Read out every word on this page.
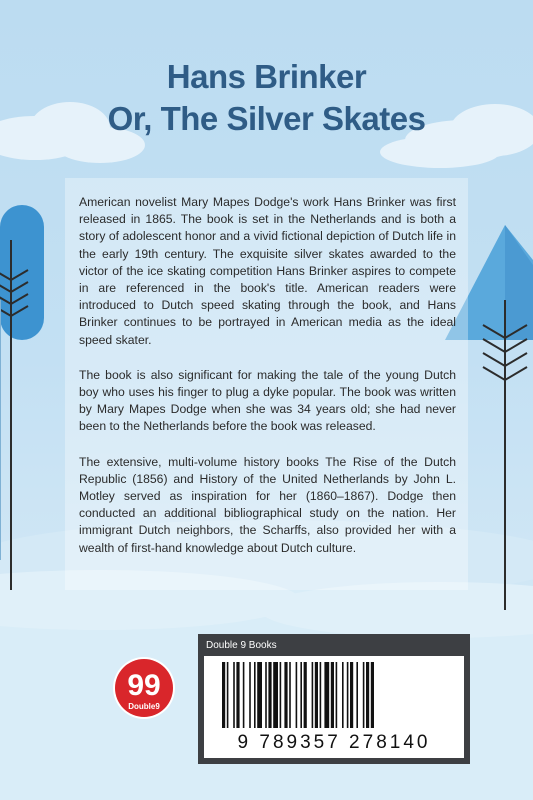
Hans Brinker
Or, The Silver Skates

American novelist Mary Mapes Dodge's work Hans Brinker was first released in 1865. The book is set in the Netherlands and is both a story of adolescent honor and a vivid fictional depiction of Dutch life in the early 19th century. The exquisite silver skates awarded to the victor of the ice skating competition Hans Brinker aspires to compete in are referenced in the book's title. American readers were introduced to Dutch speed skating through the book, and Hans Brinker continues to be portrayed in American media as the ideal speed skater.

The book is also significant for making the tale of the young Dutch boy who uses his finger to plug a dyke popular. The book was written by Mary Mapes Dodge when she was 34 years old; she had never been to the Netherlands before the book was released.

The extensive, multi-volume history books The Rise of the Dutch Republic (1856) and History of the United Netherlands by John L. Motley served as inspiration for her (1860–1867). Dodge then conducted an additional bibliographical study on the nation. Her immigrant Dutch neighbors, the Scharffs, also provided her with a wealth of first-hand knowledge about Dutch culture.

99
Double9
Double 9 Books
9 789357 278140
